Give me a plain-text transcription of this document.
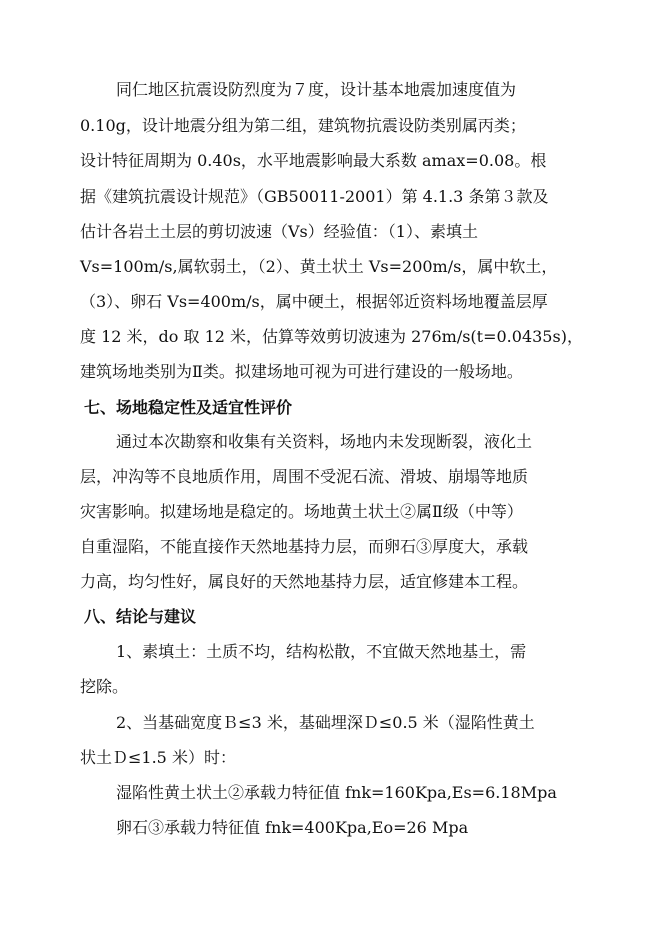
同仁地区抗震设防烈度为７度，设计基本地震加速度值为
0.10g，设计地震分组为第二组，建筑物抗震设防类别属丙类；
设计特征周期为 0.40s，水平地震影响最大系数 amax=0.08。根
据《建筑抗震设计规范》（GB50011-2001）第 4.1.3 条第３款及
估计各岩土土层的剪切波速（Vs）经验值：（1）、素填土
Vs=100m/s,属软弱土，（2）、黄土状土 Vs=200m/s，属中软土，
（3）、卵石 Vs=400m/s，属中硬土，根据邻近资料场地覆盖层厚
度 12 米，do 取 12 米，估算等效剪切波速为 276m/s(t=0.0435s)，
建筑场地类别为Ⅱ类。拟建场地可视为可进行建设的一般场地。
七、场地稳定性及适宜性评价
通过本次勘察和收集有关资料，场地内未发现断裂，液化土
层，冲沟等不良地质作用，周围不受泥石流、滑坡、崩塌等地质
灾害影响。拟建场地是稳定的。场地黄土状土②属Ⅱ级（中等）
自重湿陷，不能直接作天然地基持力层，而卵石③厚度大，承载
力高，均匀性好，属良好的天然地基持力层，适宜修建本工程。
八、结论与建议
1、素填土：土质不均，结构松散，不宜做天然地基土，需
挖除。
2、当基础宽度Ｂ≤3 米，基础埋深Ｄ≤0.5 米（湿陷性黄土
状土Ｄ≤1.5 米）时：
湿陷性黄土状土②承载力特征值 fnk=160Kpa,Es=6.18Mpa
卵石③承载力特征值 fnk=400Kpa,Eo=26 Mpa
